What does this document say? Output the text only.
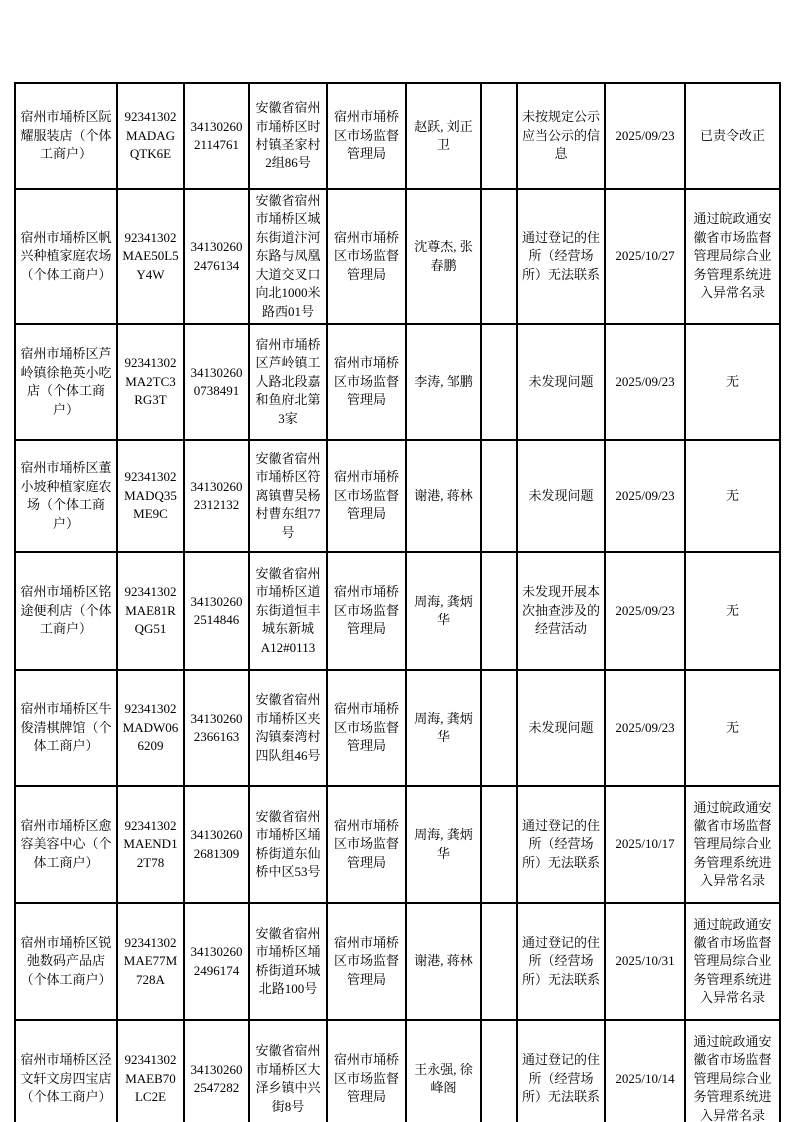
宿州市埇桥区阮耀服装店（个体工商户）	92341302MADAGQTK6E	341302602114761	安徽省宿州市埇桥区时村镇圣家村2组86号	宿州市埇桥区市场监督管理局	赵跃, 刘正卫		未按规定公示应当公示的信息	2025/09/23	已责令改正
宿州市埇桥区帆兴种植家庭农场（个体工商户）	92341302MAE50L5Y4W	341302602476134	安徽省宿州市埇桥区城东街道汴河东路与凤凰大道交叉口向北1000米路西01号	宿州市埇桥区市场监督管理局	沈尊杰, 张春鹏		通过登记的住所（经营场所）无法联系	2025/10/27	通过皖政通安徽省市场监督管理局综合业务管理系统进入异常名录
宿州市埇桥区芦岭镇徐艳英小吃店（个体工商户）	92341302MA2TC3RG3T	341302600738491	宿州市埇桥区芦岭镇工人路北段嘉和鱼府北第3家	宿州市埇桥区市场监督管理局	李涛, 邹鹏		未发现问题	2025/09/23	无
宿州市埇桥区董小坡种植家庭农场（个体工商户）	92341302MADQ35ME9C	341302602312132	安徽省宿州市埇桥区符离镇曹吴杨村曹东组77号	宿州市埇桥区市场监督管理局	谢港, 蒋林		未发现问题	2025/09/23	无
宿州市埇桥区铭途便利店（个体工商户）	92341302MAE81RQG51	341302602514846	安徽省宿州市埇桥区道东街道恒丰城东新城A12#0113	宿州市埇桥区市场监督管理局	周海, 龚炳华		未发现开展本次抽查涉及的经营活动	2025/09/23	无
宿州市埇桥区牛俊清棋牌馆（个体工商户）	92341302MADW066209	341302602366163	安徽省宿州市埇桥区夹沟镇秦湾村四队组46号	宿州市埇桥区市场监督管理局	周海, 龚炳华		未发现问题	2025/09/23	无
宿州市埇桥区愈容美容中心（个体工商户）	92341302MAEND12T78	341302602681309	安徽省宿州市埇桥区埇桥街道东仙桥中区53号	宿州市埇桥区市场监督管理局	周海, 龚炳华		通过登记的住所（经营场所）无法联系	2025/10/17	通过皖政通安徽省市场监督管理局综合业务管理系统进入异常名录
宿州市埇桥区锐弛数码产品店（个体工商户）	92341302MAE77M728A	341302602496174	安徽省宿州市埇桥区埇桥街道环城北路100号	宿州市埇桥区市场监督管理局	谢港, 蒋林		通过登记的住所（经营场所）无法联系	2025/10/31	通过皖政通安徽省市场监督管理局综合业务管理系统进入异常名录
宿州市埇桥区泾文轩文房四宝店（个体工商户）	92341302MAEB70LC2E	341302602547282	安徽省宿州市埇桥区大泽乡镇中兴街8号	宿州市埇桥区市场监督管理局	王永强, 徐峰阁		通过登记的住所（经营场所）无法联系	2025/10/14	通过皖政通安徽省市场监督管理局综合业务管理系统进入异常名录
